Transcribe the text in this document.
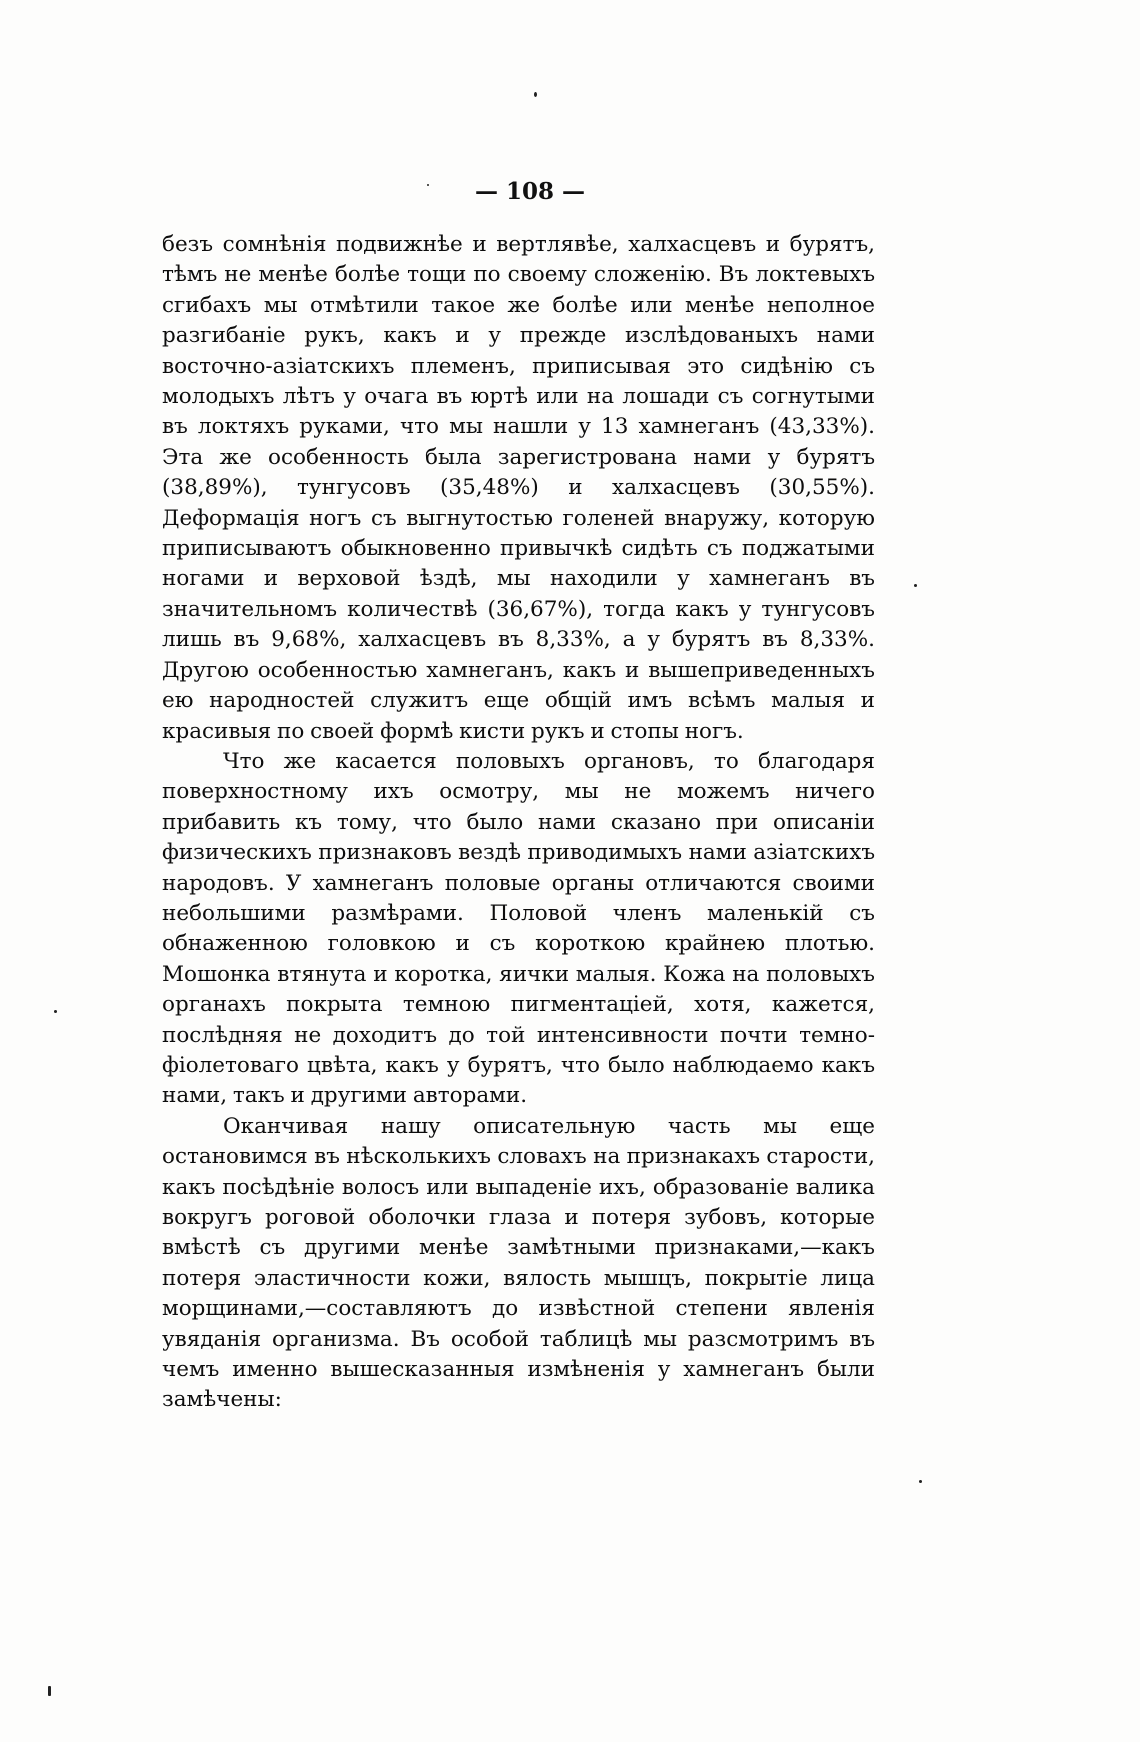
— 108 —

безъ сомнѣнія подвижнѣе и вертлявѣе, халхасцевъ и бурятъ, тѣмъ не менѣе болѣе тощи по своему сложенію. Въ локтевыхъ сгибахъ мы отмѣтили такое же болѣе или менѣе неполное разгибаніе рукъ, какъ и у прежде изслѣдованыхъ нами восточно-азіатскихъ племенъ, приписывая это сидѣнію съ молодыхъ лѣтъ у очага въ юртѣ или на лошади съ согнутыми въ локтяхъ руками, что мы нашли у 13 хамнеганъ (43,33%). Эта же особенность была зарегистрована нами у бурятъ (38,89%), тунгусовъ (35,48%) и халхасцевъ (30,55%). Деформація ногъ съ выгнутостью голеней внаружу, которую приписываютъ обыкновенно привычкѣ сидѣть съ поджатыми ногами и верховой ѣздѣ, мы находили у хамнеганъ въ значительномъ количествѣ (36,67%), тогда какъ у тунгусовъ лишь въ 9,68%, халхасцевъ въ 8,33%, а у бурятъ въ 8,33%. Другою особенностью хамнеганъ, какъ и вышеприведенныхъ ею народностей служитъ еще общій имъ всѣмъ малыя и красивыя по своей формѣ кисти рукъ и стопы ногъ.

Что же касается половыхъ органовъ, то благодаря поверхностному ихъ осмотру, мы не можемъ ничего прибавить къ тому, что было нами сказано при описаніи физическихъ признаковъ вездѣ приводимыхъ нами азіатскихъ народовъ. У хамнеганъ половые органы отличаются своими небольшими размѣрами. Половой членъ маленькій съ обнаженною головкою и съ короткою крайнею плотью. Мошонка втянута и коротка, яички малыя. Кожа на половыхъ органахъ покрыта темною пигментаціей, хотя, кажется, послѣдняя не доходитъ до той интенсивности почти темно-фіолетоваго цвѣта, какъ у бурятъ, что было наблюдаемо какъ нами, такъ и другими авторами.

Оканчивая нашу описательную часть мы еще остановимся въ нѣсколькихъ словахъ на признакахъ старости, какъ посѣдѣніе волосъ или выпаденіе ихъ, образованіе валика вокругъ роговой оболочки глаза и потеря зубовъ, которые вмѣстѣ съ другими менѣе замѣтными признаками,—какъ потеря эластичности кожи, вялость мышцъ, покрытіе лица морщинами,—составляютъ до извѣстной степени явленія увяданія организма. Въ особой таблицѣ мы разсмотримъ въ чемъ именно вышесказанныя измѣненія у хамнеганъ были замѣчены:
